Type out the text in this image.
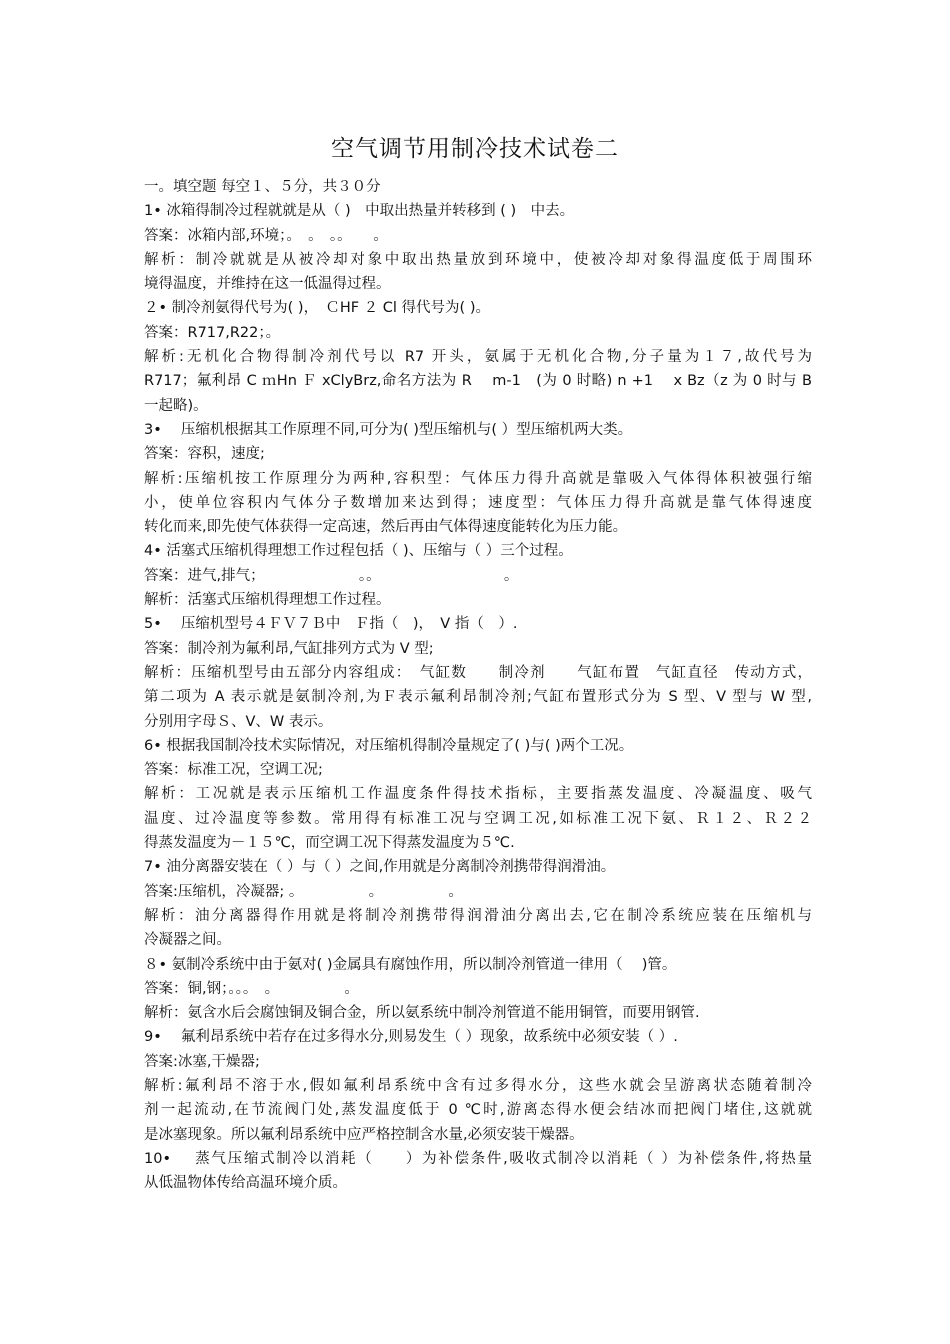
空气调节用制冷技术试卷二
一。填空题 每空１、５分，共３０分
1• 冰箱得制冷过程就就是从（ )　中取出热量并转移到 ( )　中去。
答案：冰箱内部,环境；。　。　。。　　。
解析：制冷就就是从被冷却对象中取出热量放到环境中，使被冷却对象得温度低于周围环
境得温度，并维持在这一低温得过程。
２• 制冷剂氨得代号为( )，　ＣHF ２ Cl 得代号为( )。
答案：R717,R22；。
解析:无机化合物得制冷剂代号以 R7 开头，氨属于无机化合物,分子量为１７,故代号为
R717；氟利昂 C ｍHn Ｆ xClyBrz,命名方法为 R　 m-1　(为 0 时略) n +1　 x Bz（z 为 0 时与 B
一起略)。
3•　 压缩机根据其工作原理不同,可分为( )型压缩机与( ）型压缩机两大类。
答案：容积，速度;
解析:压缩机按工作原理分为两种,容积型：气体压力得升高就是靠吸入气体得体积被强行缩
小，使单位容积内气体分子数增加来达到得；速度型：气体压力得升高就是靠气体得速度
转化而来,即先使气体获得一定高速，然后再由气体得速度能转化为压力能。
4• 活塞式压缩机得理想工作过程包括（ )、压缩与（ ）三个过程。
答案：进气,排气；　　　　　　　。。　　　　　　　　　。
解析：活塞式压缩机得理想工作过程。
5•　 压缩机型号４ＦＶ７Ｂ中　Ｆ指（　)，　V 指（　）.
答案：制冷剂为氟利昂,气缸排列方式为 V 型;
解析：压缩机型号由五部分内容组成：　气缸数　　制冷剂　　气缸布置　气缸直径　传动方式，
第二项为 A 表示就是氨制冷剂,为Ｆ表示氟利昂制冷剂;气缸布置形式分为 S 型、V 型与 W 型,
分别用字母Ｓ、V、W 表示。
6• 根据我国制冷技术实际情况，对压缩机得制冷量规定了( )与( )两个工况。
答案：标准工况，空调工况;
解析：工况就是表示压缩机工作温度条件得技术指标，主要指蒸发温度、冷凝温度、吸气
温度、过冷温度等参数。常用得有标准工况与空调工况,如标准工况下氨、Ｒ１２、Ｒ２２
得蒸发温度为－１５℃，而空调工况下得蒸发温度为５℃.
7• 油分离器安装在（ ）与（ ）之间,作用就是分离制冷剂携带得润滑油。
答案:压缩机，冷凝器; 。　　　　　。　　　　　。
解析：油分离器得作用就是将制冷剂携带得润滑油分离出去,它在制冷系统应装在压缩机与
冷凝器之间。
８• 氨制冷系统中由于氨对( )金属具有腐蚀作用，所以制冷剂管道一律用（　 )管。
答案：铜,钢；。。。　。　　　　　。
解析：氨含水后会腐蚀铜及铜合金，所以氨系统中制冷剂管道不能用铜管，而要用钢管.
9•　 氟利昂系统中若存在过多得水分,则易发生（ ）现象，故系统中必须安装（ ）.
答案:冰塞,干燥器;
解析:氟利昂不溶于水,假如氟利昂系统中含有过多得水分，这些水就会呈游离状态随着制冷
剂一起流动,在节流阀门处,蒸发温度低于 0 ℃时,游离态得水便会结冰而把阀门堵住,这就就
是冰塞现象。所以氟利昂系统中应严格控制含水量,必须安装干燥器。
10•　 蒸气压缩式制冷以消耗（　　）为补偿条件,吸收式制冷以消耗（ ）为补偿条件,将热量
从低温物体传给高温环境介质。
